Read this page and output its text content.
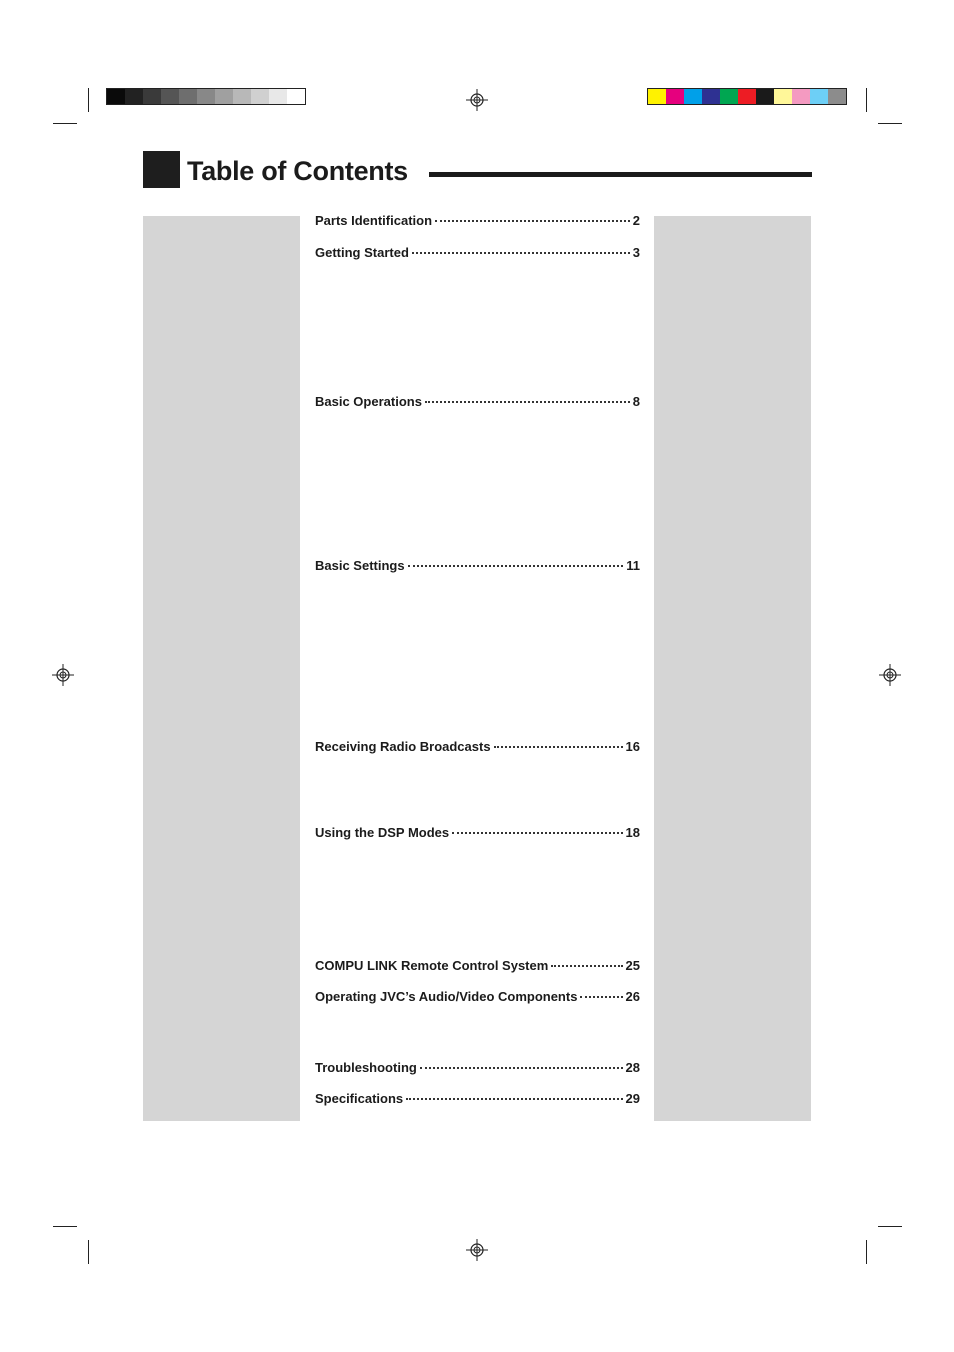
Table of Contents
Parts Identification	2
Getting Started	3
Basic Operations	8
Basic Settings	11
Receiving Radio Broadcasts	16
Using the DSP Modes	18
COMPU LINK Remote Control System	25
Operating JVC’s Audio/Video Components	26
Troubleshooting	28
Specifications	29
